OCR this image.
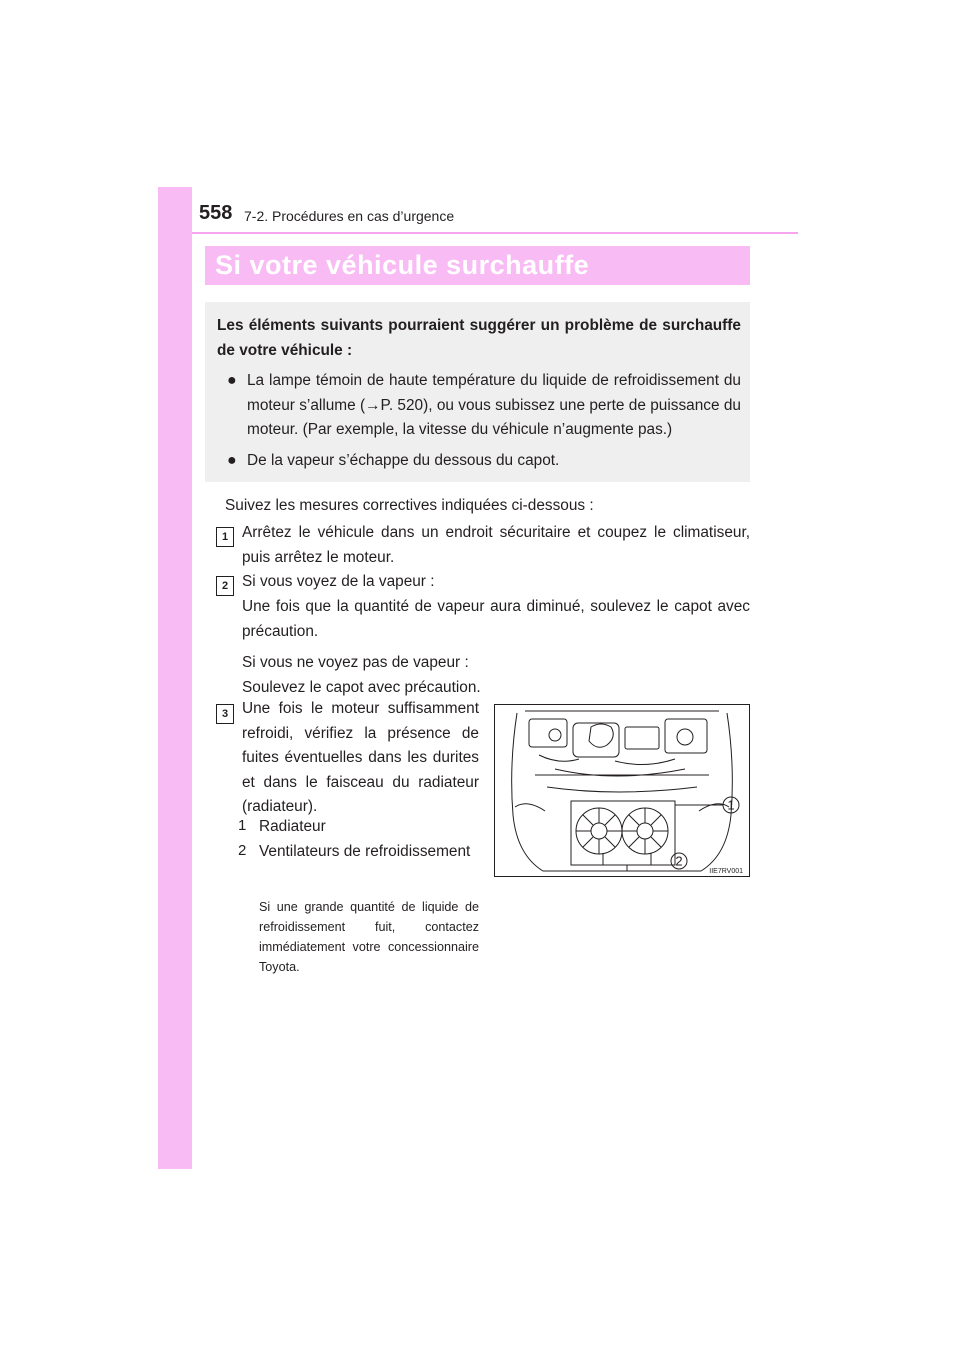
558 7-2. Procédures en cas d’urgence
Si votre véhicule surchauffe
Les éléments suivants pourraient suggérer un problème de surchauffe de votre véhicule :
● La lampe témoin de haute température du liquide de refroidissement du moteur s’allume (→P. 520), ou vous subissez une perte de puissance du moteur. (Par exemple, la vitesse du véhicule n’augmente pas.)
● De la vapeur s’échappe du dessous du capot.
Suivez les mesures correctives indiquées ci-dessous :
1 Arrêtez le véhicule dans un endroit sécuritaire et coupez le climatiseur, puis arrêtez le moteur.
2 Si vous voyez de la vapeur :
Une fois que la quantité de vapeur aura diminué, soulevez le capot avec précaution.
Si vous ne voyez pas de vapeur :
Soulevez le capot avec précaution.
3 Une fois le moteur suffisamment refroidi, vérifiez la présence de fuites éventuelles dans les durites et dans le faisceau du radiateur (radiateur).
1 Radiateur
2 Ventilateurs de refroidissement
Si une grande quantité de liquide de refroidissement fuit, contactez immédiatement votre concessionnaire Toyota.
1
2
IIE7RV001
